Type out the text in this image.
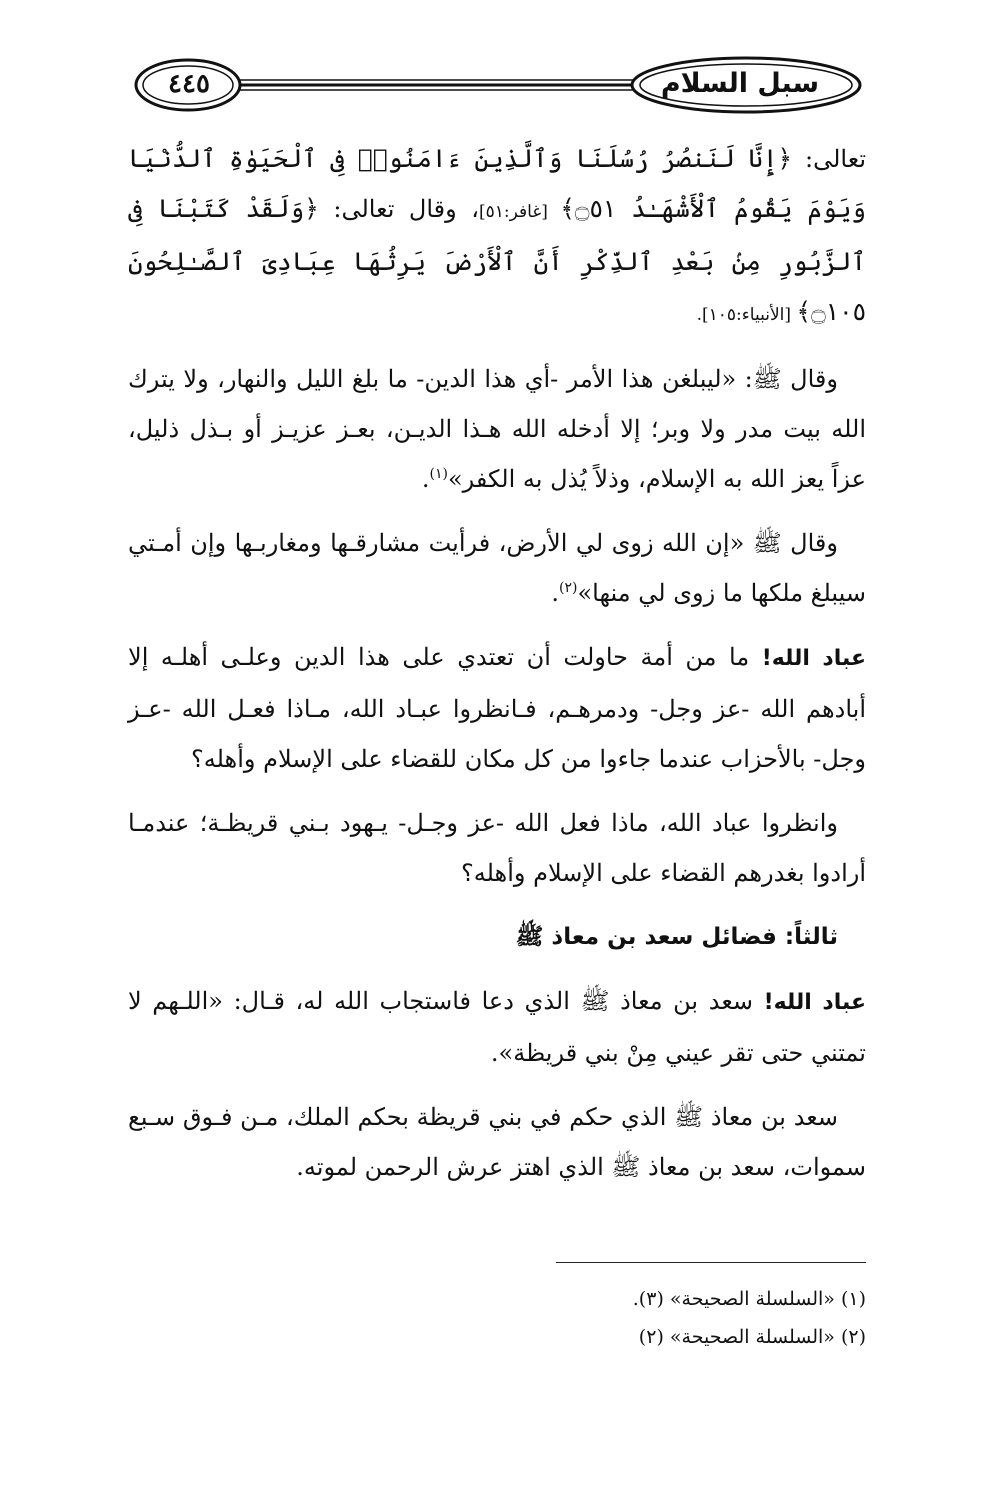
٤٤٥	سبل السلام

تعالى: ﴿إِنَّا لَنَنصُرُ رُسُلَنَا وَٱلَّذِينَ ءَامَنُوا۟ فِى ٱلْحَيَوٰةِ ٱلدُّنْيَا وَيَوْمَ يَقُومُ ٱلْأَشْهَـٰدُ ۝٥١﴾ [غافر:٥١]، وقال تعالى: ﴿وَلَقَدْ كَتَبْنَا فِى ٱلزَّبُورِ مِنۢ بَعْدِ ٱلذِّكْرِ أَنَّ ٱلْأَرْضَ يَرِثُهَا عِبَادِىَ ٱلصَّـٰلِحُونَ ۝١٠٥﴾ [الأنبياء:١٠٥].

وقال ﷺ: «ليبلغن هذا الأمر -أي هذا الدين- ما بلغ الليل والنهار، ولا يترك الله بيت مدر ولا وبر؛ إلا أدخله الله هـذا الديـن، بعـز عزيـز أو بـذل ذليل، عزاً يعز الله به الإسلام، وذلاً يُذل به الكفر»$^{(١)}$.

وقال ﷺ «إن الله زوى لي الأرض، فرأيت مشارقـها ومغاربـها وإن أمـتي سيبلغ ملكها ما زوى لي منها»$^{(٢)}$.

عباد الله! ما من أمة حاولت أن تعتدي على هذا الدين وعلـى أهلـه إلا أبادهم الله -عز وجل- ودمرهـم، فـانظروا عبـاد الله، مـاذا فعـل الله -عـز وجل- بالأحزاب عندما جاءوا من كل مكان للقضاء على الإسلام وأهله؟

وانظروا عباد الله، ماذا فعل الله -عز وجـل- يـهود بـني قريظـة؛ عندمـا أرادوا بغدرهم القضاء على الإسلام وأهله؟

ثالثاً: فضائل سعد بن معاذ ﷺ

عباد الله! سعد بن معاذ ﷺ الذي دعا فاستجاب الله له، قـال: «اللـهم لا تمتني حتى تقر عيني مِنْ بني قريظة».

سعد بن معاذ ﷺ الذي حكم في بني قريظة بحكم الملك، مـن فـوق سـبع سموات، سعد بن معاذ ﷺ الذي اهتز عرش الرحمن لموته.

(١) «السلسلة الصحيحة» (٣).
(٢) «السلسلة الصحيحة» (٢)
